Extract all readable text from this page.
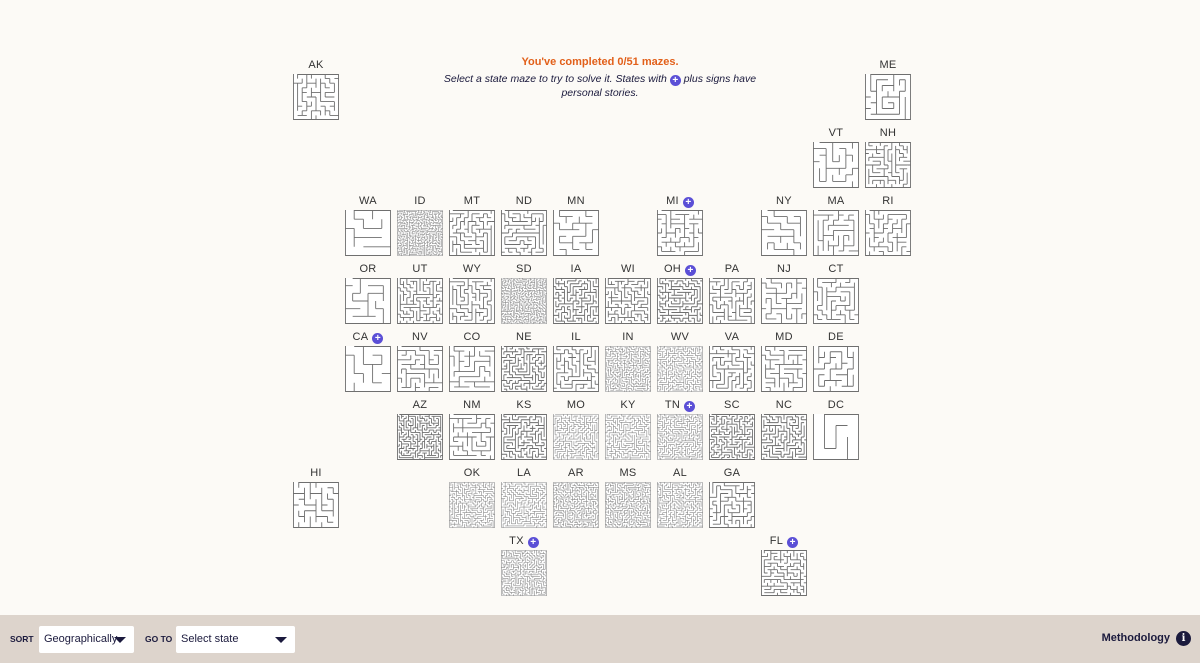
You've completed 0/51 mazes.
Select a state maze to try to solve it. States with + plus signs have personal stories.
AK	ME
VT	NH
WA	ID	MT	ND	MN	MI +	NY	MA	RI
OR	UT	WY	SD	IA	WI	OH +	PA	NJ	CT
CA +	NV	CO	NE	IL	IN	WV	VA	MD	DE
AZ	NM	KS	MO	KY	TN +	SC	NC	DC
HI	OK	LA	AR	MS	AL	GA
TX +	FL +
SORT Geographically	GO TO Select state	Methodology	i
